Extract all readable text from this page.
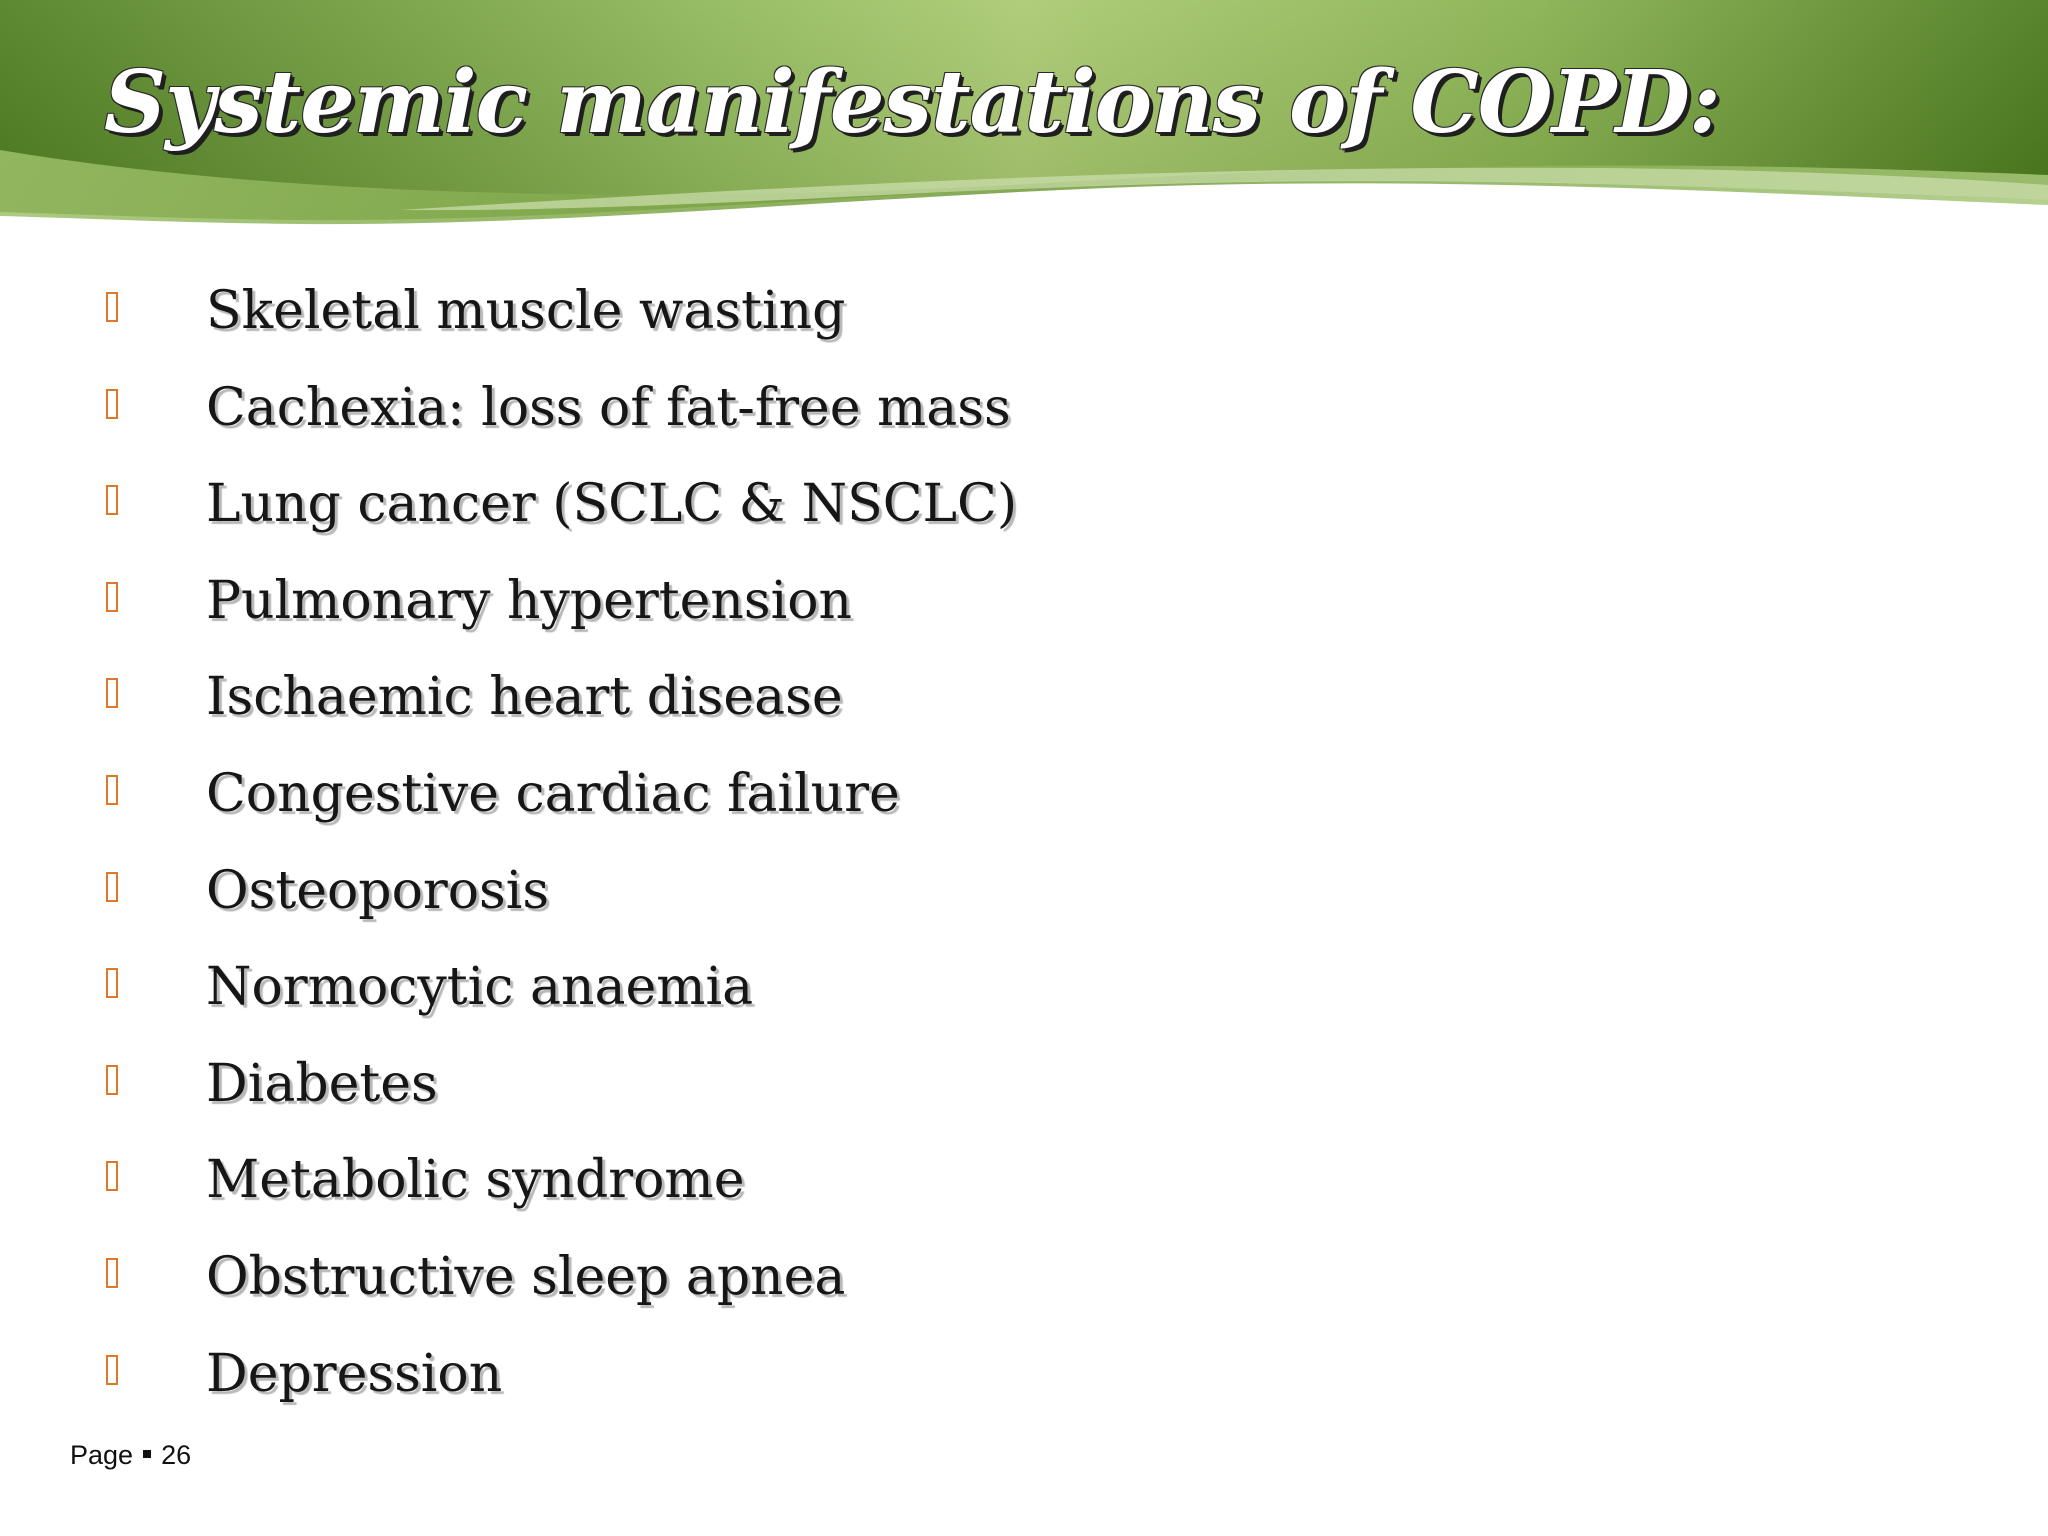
Systemic manifestations of COPD:
Skeletal muscle wasting
Cachexia: loss of fat-free mass
Lung cancer (SCLC & NSCLC)
Pulmonary hypertension
Ischaemic heart disease
Congestive cardiac failure
Osteoporosis
Normocytic anaemia
Diabetes
Metabolic syndrome
Obstructive sleep apnea
Depression
Page 26
